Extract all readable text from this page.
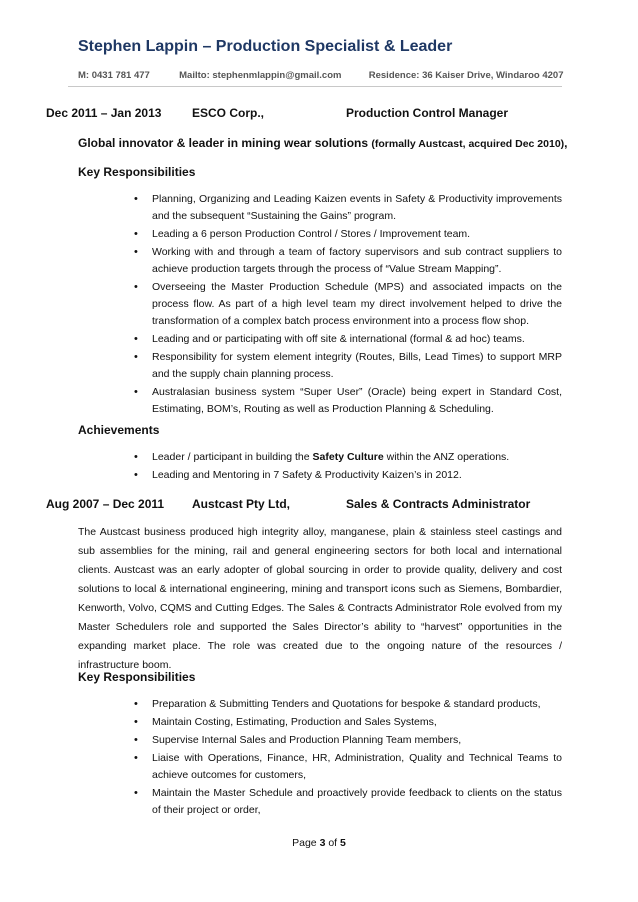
Stephen Lappin – Production Specialist & Leader
M: 0431 781 477	Mailto: stephenmlappin@gmail.com	Residence: 36 Kaiser Drive, Windaroo 4207
Dec 2011 – Jan 2013	ESCO Corp.,	Production Control Manager
Global innovator & leader in mining wear solutions (formally Austcast, acquired Dec 2010),
Key Responsibilities
• Planning, Organizing and Leading Kaizen events in Safety & Productivity improvements and the subsequent “Sustaining the Gains” program.
• Leading a 6 person Production Control / Stores / Improvement team.
• Working with and through a team of factory supervisors and sub contract suppliers to achieve production targets through the process of “Value Stream Mapping”.
• Overseeing the Master Production Schedule (MPS) and associated impacts on the process flow. As part of a high level team my direct involvement helped to drive the transformation of a complex batch process environment into a process flow shop.
• Leading and or participating with off site & international (formal & ad hoc) teams.
• Responsibility for system element integrity (Routes, Bills, Lead Times) to support MRP and the supply chain planning process.
• Australasian business system “Super User” (Oracle) being expert in Standard Cost, Estimating, BOM’s, Routing as well as Production Planning & Scheduling.
Achievements
• Leader / participant in building the Safety Culture within the ANZ operations.
• Leading and Mentoring in 7 Safety & Productivity Kaizen’s in 2012.
Aug 2007 – Dec 2011 Austcast Pty Ltd,	Sales & Contracts Administrator

The Austcast business produced high integrity alloy, manganese, plain & stainless steel castings and sub assemblies for the mining, rail and general engineering sectors for both local and international clients. Austcast was an early adopter of global sourcing in order to provide quality, delivery and cost solutions to local & international engineering, mining and transport icons such as Siemens, Bombardier, Kenworth, Volvo, CQMS and Cutting Edges. The Sales & Contracts Administrator Role evolved from my Master Schedulers role and supported the Sales Director’s ability to “harvest” opportunities in the expanding market place. The role was created due to the ongoing nature of the resources / infrastructure boom.

Key Responsibilities
• Preparation & Submitting Tenders and Quotations for bespoke & standard products,
• Maintain Costing, Estimating, Production and Sales Systems,
• Supervise Internal Sales and Production Planning Team members,
• Liaise with Operations, Finance, HR, Administration, Quality and Technical Teams to achieve outcomes for customers,
• Maintain the Master Schedule and proactively provide feedback to clients on the status of their project or order,
Page 3 of 5
